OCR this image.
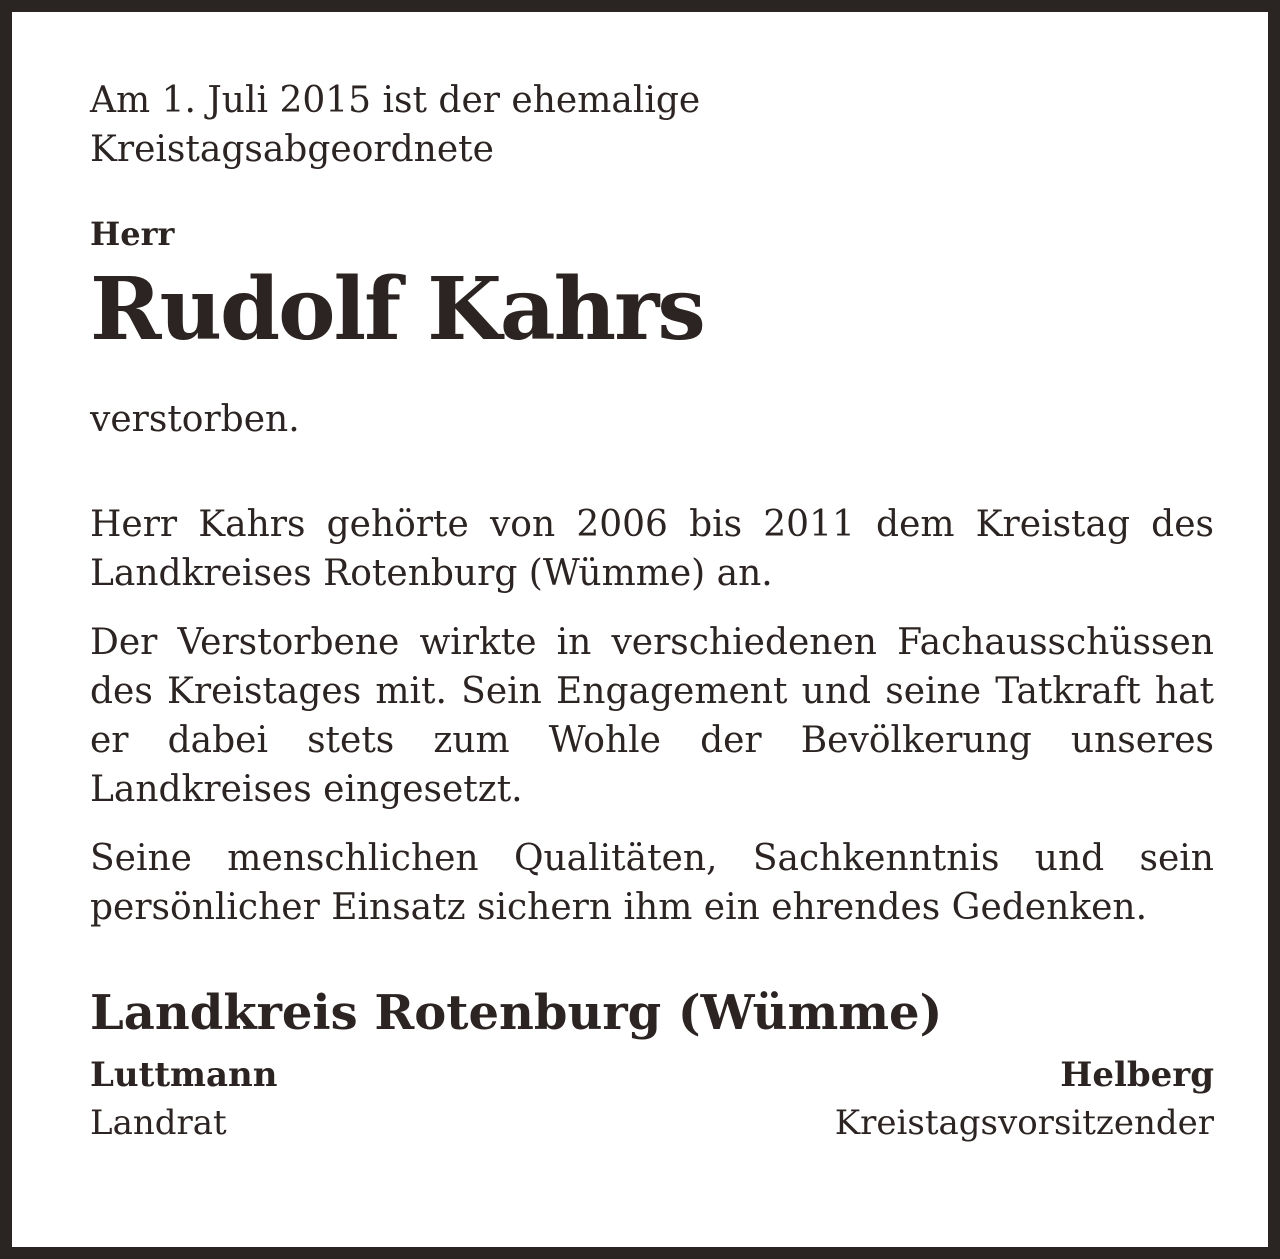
Am 1. Juli 2015 ist der ehemalige Kreistagsabgeordnete

Herr

Rudolf Kahrs

verstorben.

Herr Kahrs gehörte von 2006 bis 2011 dem Kreistag des Landkreises Rotenburg (Wümme) an.

Der Verstorbene wirkte in verschiedenen Fachausschüssen des Kreistages mit. Sein Engagement und seine Tatkraft hat er dabei stets zum Wohle der Bevölkerung unseres Landkreises eingesetzt.

Seine menschlichen Qualitäten, Sachkenntnis und sein persönlicher Einsatz sichern ihm ein ehrendes Gedenken.

Landkreis Rotenburg (Wümme)
Luttmann
Landrat
Helberg
Kreistagsvorsitzender
